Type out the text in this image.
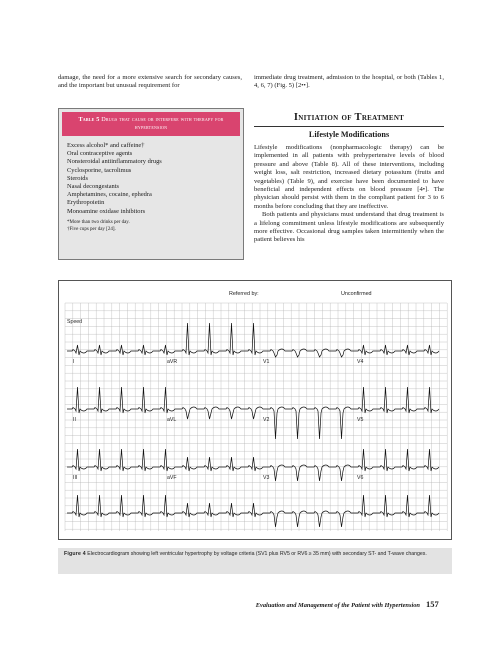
damage, the need for a more extensive search for secondary causes, and the important but unusual requirement for

immediate drug treatment, admission to the hospital, or both (Tables 1, 4, 6, 7) (Fig. 5) [2••].

Table 5 Drugs that cause or interfere with therapy for hypertension
Excess alcohol* and caffeine†
Oral contraceptive agents
Nonsteroidal antiinflammatory drugs
Cyclosporine, tacrolimus
Steroids
Nasal decongestants
Amphetamines, cocaine, ephedra
Erythropoietin
Monoamine oxidase inhibitors
*More than two drinks per day.
†Five cups per day [24].
Initiation of Treatment
Lifestyle Modifications

Lifestyle modifications (nonpharmacologic therapy) can be implemented in all patients with prehypertensive levels of blood pressure and above (Table 8). All of these interventions, including weight loss, salt restriction, increased dietary potassium (fruits and vegetables) (Table 9), and exercise have been documented to have beneficial and independent effects on blood pressure [4•]. The physician should persist with them in the compliant patient for 3 to 6 months before concluding that they are ineffective.

Both patients and physicians must understand that drug treatment is a lifelong commitment unless lifestyle modifications are subsequently more effective. Occasional drug samples taken intermittently when the patient believes his

Referred by:	Unconfirmed
Speed
I	aVR	V1	V4
II	aVL	V2	V5
III	aVF	V3	V6
Figure 4 Electrocardiogram showing left ventricular hypertrophy by voltage criteria (SV1 plus RV5 or RV6 ≥ 35 mm) with secondary ST- and T-wave changes.
Evaluation and Management of the Patient with Hypertension 157
